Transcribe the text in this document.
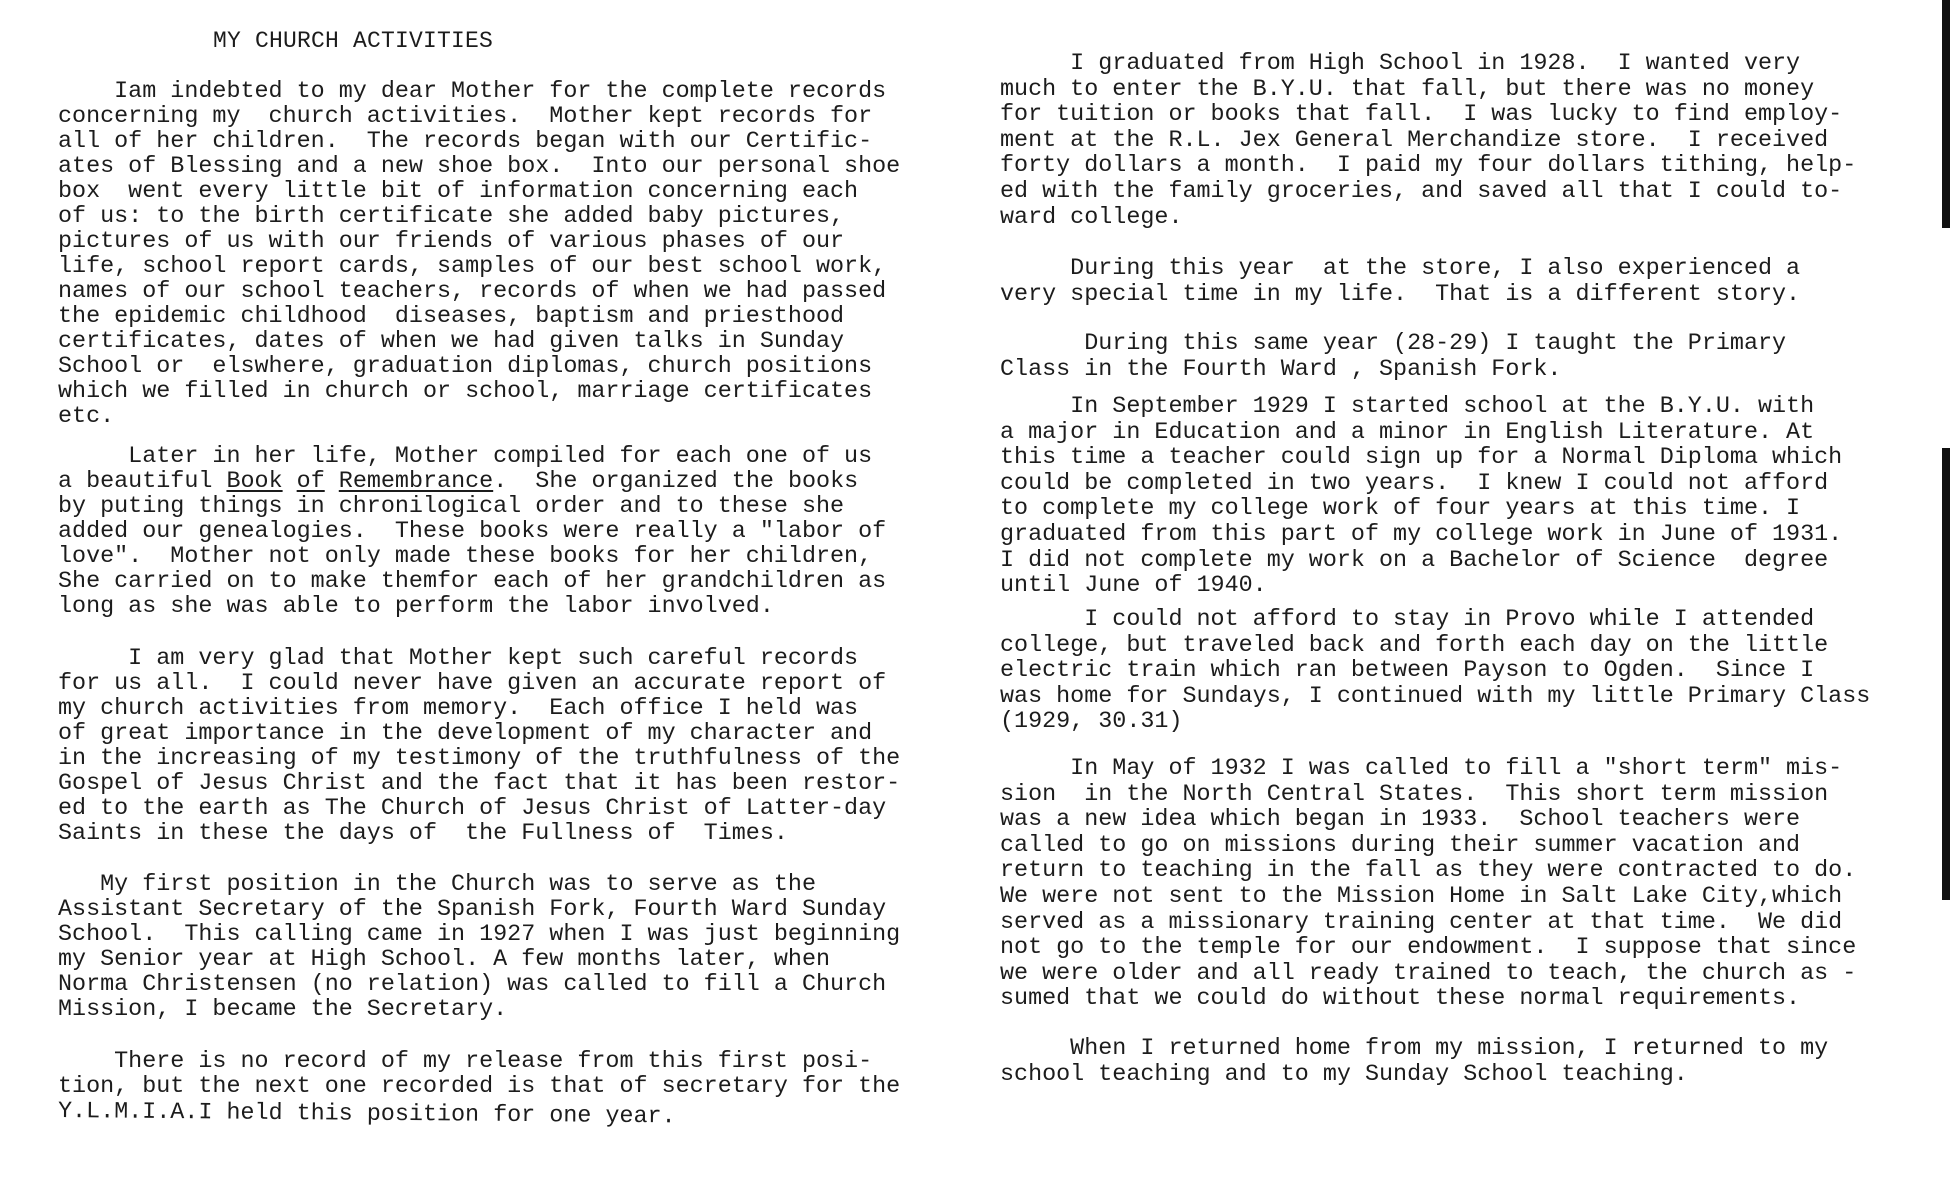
MY CHURCH ACTIVITIES
Iam indebted to my dear Mother for the complete records
concerning my  church activities.  Mother kept records for
all of her children.  The records began with our Certific-
ates of Blessing and a new shoe box.  Into our personal shoe
box  went every little bit of information concerning each
of us: to the birth certificate she added baby pictures,
pictures of us with our friends of various phases of our
life, school report cards, samples of our best school work,
names of our school teachers, records of when we had passed
the epidemic childhood  diseases, baptism and priesthood
certificates, dates of when we had given talks in Sunday
School or  elswhere, graduation diplomas, church positions
which we filled in church or school, marriage certificates
etc.
Later in her life, Mother compiled for each one of us
a beautiful Book of Remembrance.  She organized the books
by puting things in chronilogical order and to these she
added our genealogies.  These books were really a "labor of
love".  Mother not only made these books for her children,
She carried on to make themfor each of her grandchildren as
long as she was able to perform the labor involved.
I am very glad that Mother kept such careful records
for us all.  I could never have given an accurate report of
my church activities from memory.  Each office I held was
of great importance in the development of my character and
in the increasing of my testimony of the truthfulness of the
Gospel of Jesus Christ and the fact that it has been restor-
ed to the earth as The Church of Jesus Christ of Latter-day
Saints in these the days of  the Fullness of  Times.
My first position in the Church was to serve as the
Assistant Secretary of the Spanish Fork, Fourth Ward Sunday
School.  This calling came in 1927 when I was just beginning
my Senior year at High School. A few months later, when
Norma Christensen (no relation) was called to fill a Church
Mission, I became the Secretary.
There is no record of my release from this first posi-
tion, but the next one recorded is that of secretary for the
Y.L.M.I.A.I held this position for one year.
I graduated from High School in 1928.  I wanted very
much to enter the B.Y.U. that fall, but there was no money
for tuition or books that fall.  I was lucky to find employ-
ment at the R.L. Jex General Merchandize store.  I received
forty dollars a month.  I paid my four dollars tithing, help-
ed with the family groceries, and saved all that I could to-
ward college.
During this year  at the store, I also experienced a
very special time in my life.  That is a different story.
During this same year (28-29) I taught the Primary
Class in the Fourth Ward , Spanish Fork.
In September 1929 I started school at the B.Y.U. with
a major in Education and a minor in English Literature. At
this time a teacher could sign up for a Normal Diploma which
could be completed in two years.  I knew I could not afford
to complete my college work of four years at this time. I
graduated from this part of my college work in June of 1931.
I did not complete my work on a Bachelor of Science  degree
until June of 1940.
I could not afford to stay in Provo while I attended
college, but traveled back and forth each day on the little
electric train which ran between Payson to Ogden.  Since I
was home for Sundays, I continued with my little Primary Class
(1929, 30.31)
In May of 1932 I was called to fill a "short term" mis-
sion  in the North Central States.  This short term mission
was a new idea which began in 1933.  School teachers were
called to go on missions during their summer vacation and
return to teaching in the fall as they were contracted to do.
We were not sent to the Mission Home in Salt Lake City,which
served as a missionary training center at that time.  We did
not go to the temple for our endowment.  I suppose that since
we were older and all ready trained to teach, the church as -
sumed that we could do without these normal requirements.
When I returned home from my mission, I returned to my
school teaching and to my Sunday School teaching.
